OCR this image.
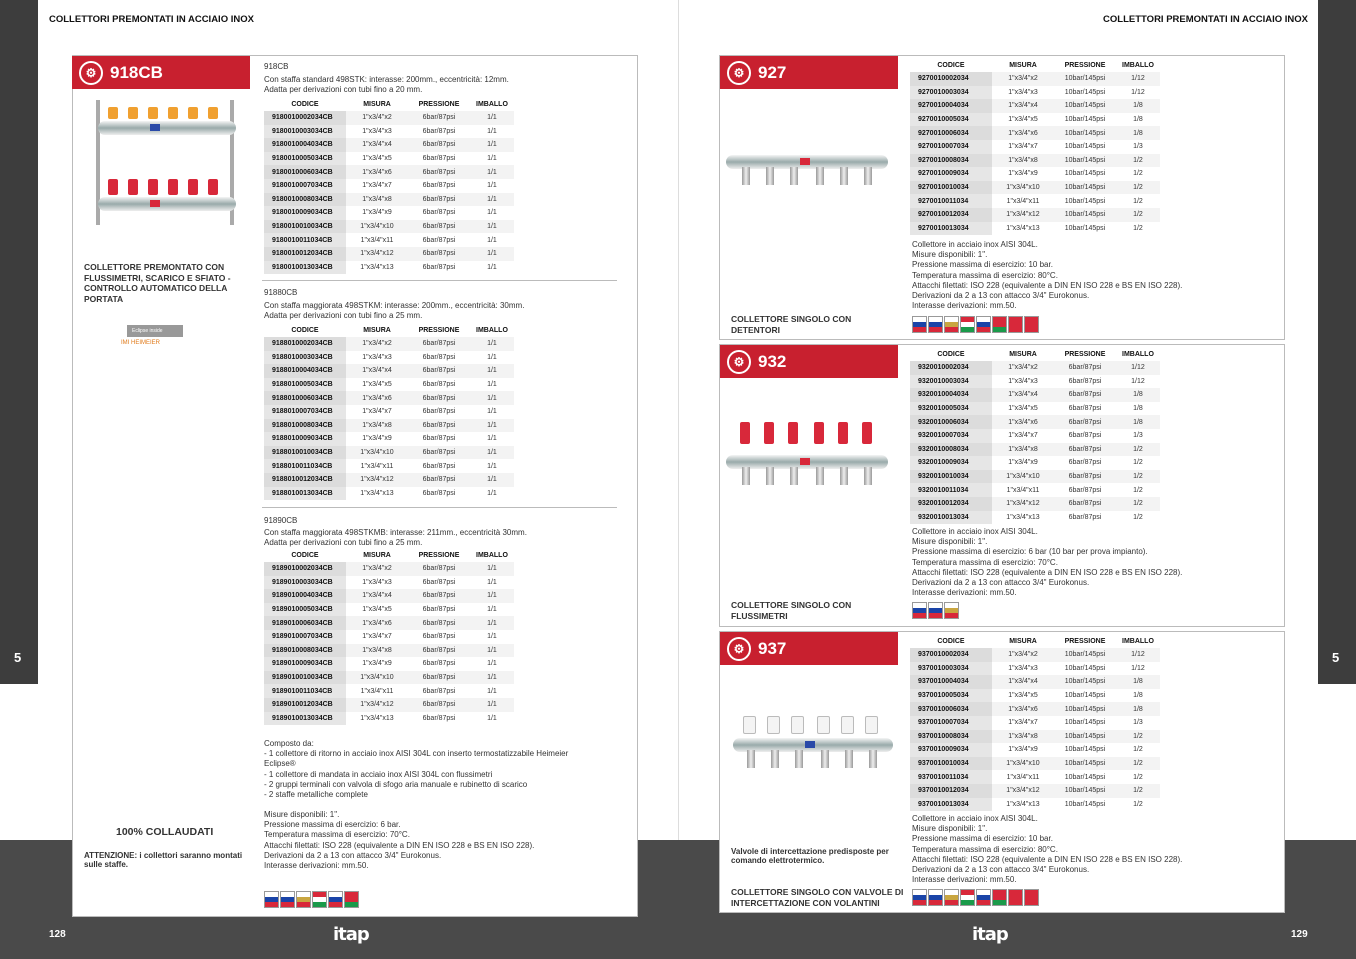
5	5
COLLETTORI PREMONTATI IN ACCIAIO INOX	COLLETTORI PREMONTATI IN ACCIAIO INOX
128	129
itap	itap
⚙ 918CB
COLLETTORE PREMONTATO CON FLUSSIMETRI, SCARICO E SFIATO - CONTROLLO AUTOMATICO DELLA PORTATA
Eclipse inside
IMI HEIMEIER
100% COLLAUDATI
ATTENZIONE: i collettori saranno montati sulle staffe.
918CB
Con staffa standard 498STK: interasse: 200mm., eccentricità: 12mm.
Adatta per derivazioni con tubi fino a 20 mm.
CODICE	MISURA	PRESSIONE	IMBALLO
9180010002034CB	1"x3/4"x2	6bar/87psi	1/1
9180010003034CB	1"x3/4"x3	6bar/87psi	1/1
9180010004034CB	1"x3/4"x4	6bar/87psi	1/1
9180010005034CB	1"x3/4"x5	6bar/87psi	1/1
9180010006034CB	1"x3/4"x6	6bar/87psi	1/1
9180010007034CB	1"x3/4"x7	6bar/87psi	1/1
9180010008034CB	1"x3/4"x8	6bar/87psi	1/1
9180010009034CB	1"x3/4"x9	6bar/87psi	1/1
9180010010034CB	1"x3/4"x10	6bar/87psi	1/1
9180010011034CB	1"x3/4"x11	6bar/87psi	1/1
9180010012034CB	1"x3/4"x12	6bar/87psi	1/1
9180010013034CB	1"x3/4"x13	6bar/87psi	1/1
91880CB
Con staffa maggiorata 498STKM: interasse: 200mm., eccentricità: 30mm.
Adatta per derivazioni con tubi fino a 25 mm.
CODICE	MISURA	PRESSIONE	IMBALLO
9188010002034CB	1"x3/4"x2	6bar/87psi	1/1
9188010003034CB	1"x3/4"x3	6bar/87psi	1/1
9188010004034CB	1"x3/4"x4	6bar/87psi	1/1
9188010005034CB	1"x3/4"x5	6bar/87psi	1/1
9188010006034CB	1"x3/4"x6	6bar/87psi	1/1
9188010007034CB	1"x3/4"x7	6bar/87psi	1/1
9188010008034CB	1"x3/4"x8	6bar/87psi	1/1
9188010009034CB	1"x3/4"x9	6bar/87psi	1/1
9188010010034CB	1"x3/4"x10	6bar/87psi	1/1
9188010011034CB	1"x3/4"x11	6bar/87psi	1/1
9188010012034CB	1"x3/4"x12	6bar/87psi	1/1
9188010013034CB	1"x3/4"x13	6bar/87psi	1/1
91890CB
Con staffa maggiorata 498STKMB: interasse: 211mm., eccentricità 30mm.
Adatta per derivazioni con tubi fino a 25 mm.
CODICE	MISURA	PRESSIONE	IMBALLO
9189010002034CB	1"x3/4"x2	6bar/87psi	1/1
9189010003034CB	1"x3/4"x3	6bar/87psi	1/1
9189010004034CB	1"x3/4"x4	6bar/87psi	1/1
9189010005034CB	1"x3/4"x5	6bar/87psi	1/1
9189010006034CB	1"x3/4"x6	6bar/87psi	1/1
9189010007034CB	1"x3/4"x7	6bar/87psi	1/1
9189010008034CB	1"x3/4"x8	6bar/87psi	1/1
9189010009034CB	1"x3/4"x9	6bar/87psi	1/1
9189010010034CB	1"x3/4"x10	6bar/87psi	1/1
9189010011034CB	1"x3/4"x11	6bar/87psi	1/1
9189010012034CB	1"x3/4"x12	6bar/87psi	1/1
9189010013034CB	1"x3/4"x13	6bar/87psi	1/1
Composto da:
- 1 collettore di ritorno in acciaio inox AISI 304L con inserto termostatizzabile Heimeier
Eclipse®
- 1 collettore di mandata in acciaio inox AISI 304L con flussimetri
- 2 gruppi terminali con valvola di sfogo aria manuale e rubinetto di scarico
- 2 staffe metalliche complete
Misure disponibili: 1".
Pressione massima di esercizio: 6 bar.
Temperatura massima di esercizio: 70°C.
Attacchi filettati: ISO 228 (equivalente a DIN EN ISO 228 e BS EN ISO 228).
Derivazioni da 2 a 13 con attacco 3/4" Eurokonus.
Interasse derivazioni: mm.50.
⚙ 927
COLLETTORE SINGOLO CON DETENTORI
CODICE	MISURA	PRESSIONE	IMBALLO
9270010002034	1"x3/4"x2	10bar/145psi	1/12
9270010003034	1"x3/4"x3	10bar/145psi	1/12
9270010004034	1"x3/4"x4	10bar/145psi	1/8
9270010005034	1"x3/4"x5	10bar/145psi	1/8
9270010006034	1"x3/4"x6	10bar/145psi	1/8
9270010007034	1"x3/4"x7	10bar/145psi	1/3
9270010008034	1"x3/4"x8	10bar/145psi	1/2
9270010009034	1"x3/4"x9	10bar/145psi	1/2
9270010010034	1"x3/4"x10	10bar/145psi	1/2
9270010011034	1"x3/4"x11	10bar/145psi	1/2
9270010012034	1"x3/4"x12	10bar/145psi	1/2
9270010013034	1"x3/4"x13	10bar/145psi	1/2
Collettore in acciaio inox AISI 304L.
Misure disponibili: 1".
Pressione massima di esercizio: 10 bar.
Temperatura massima di esercizio: 80°C.
Attacchi filettati: ISO 228 (equivalente a DIN EN ISO 228 e BS EN ISO 228).
Derivazioni da 2 a 13 con attacco 3/4" Eurokonus.
Interasse derivazioni: mm.50.
⚙ 932
COLLETTORE SINGOLO CON FLUSSIMETRI
CODICE	MISURA	PRESSIONE	IMBALLO
9320010002034	1"x3/4"x2	6bar/87psi	1/12
9320010003034	1"x3/4"x3	6bar/87psi	1/12
9320010004034	1"x3/4"x4	6bar/87psi	1/8
9320010005034	1"x3/4"x5	6bar/87psi	1/8
9320010006034	1"x3/4"x6	6bar/87psi	1/8
9320010007034	1"x3/4"x7	6bar/87psi	1/3
9320010008034	1"x3/4"x8	6bar/87psi	1/2
9320010009034	1"x3/4"x9	6bar/87psi	1/2
9320010010034	1"x3/4"x10	6bar/87psi	1/2
9320010011034	1"x3/4"x11	6bar/87psi	1/2
9320010012034	1"x3/4"x12	6bar/87psi	1/2
9320010013034	1"x3/4"x13	6bar/87psi	1/2
Collettore in acciaio inox AISI 304L.
Misure disponibili: 1".
Pressione massima di esercizio: 6 bar (10 bar per prova impianto).
Temperatura massima di esercizio: 70°C.
Attacchi filettati: ISO 228 (equivalente a DIN EN ISO 228 e BS EN ISO 228).
Derivazioni da 2 a 13 con attacco 3/4" Eurokonus.
Interasse derivazioni: mm.50.
⚙ 937
Valvole di intercettazione predisposte per comando elettrotermico.
COLLETTORE SINGOLO CON VALVOLE DI INTERCETTAZIONE CON VOLANTINI
CODICE	MISURA	PRESSIONE	IMBALLO
9370010002034	1"x3/4"x2	10bar/145psi	1/12
9370010003034	1"x3/4"x3	10bar/145psi	1/12
9370010004034	1"x3/4"x4	10bar/145psi	1/8
9370010005034	1"x3/4"x5	10bar/145psi	1/8
9370010006034	1"x3/4"x6	10bar/145psi	1/8
9370010007034	1"x3/4"x7	10bar/145psi	1/3
9370010008034	1"x3/4"x8	10bar/145psi	1/2
9370010009034	1"x3/4"x9	10bar/145psi	1/2
9370010010034	1"x3/4"x10	10bar/145psi	1/2
9370010011034	1"x3/4"x11	10bar/145psi	1/2
9370010012034	1"x3/4"x12	10bar/145psi	1/2
9370010013034	1"x3/4"x13	10bar/145psi	1/2
Collettore in acciaio inox AISI 304L.
Misure disponibili: 1".
Pressione massima di esercizio: 10 bar.
Temperatura massima di esercizio: 80°C.
Attacchi filettati: ISO 228 (equivalente a DIN EN ISO 228 e BS EN ISO 228).
Derivazioni da 2 a 13 con attacco 3/4" Eurokonus.
Interasse derivazioni: mm.50.
